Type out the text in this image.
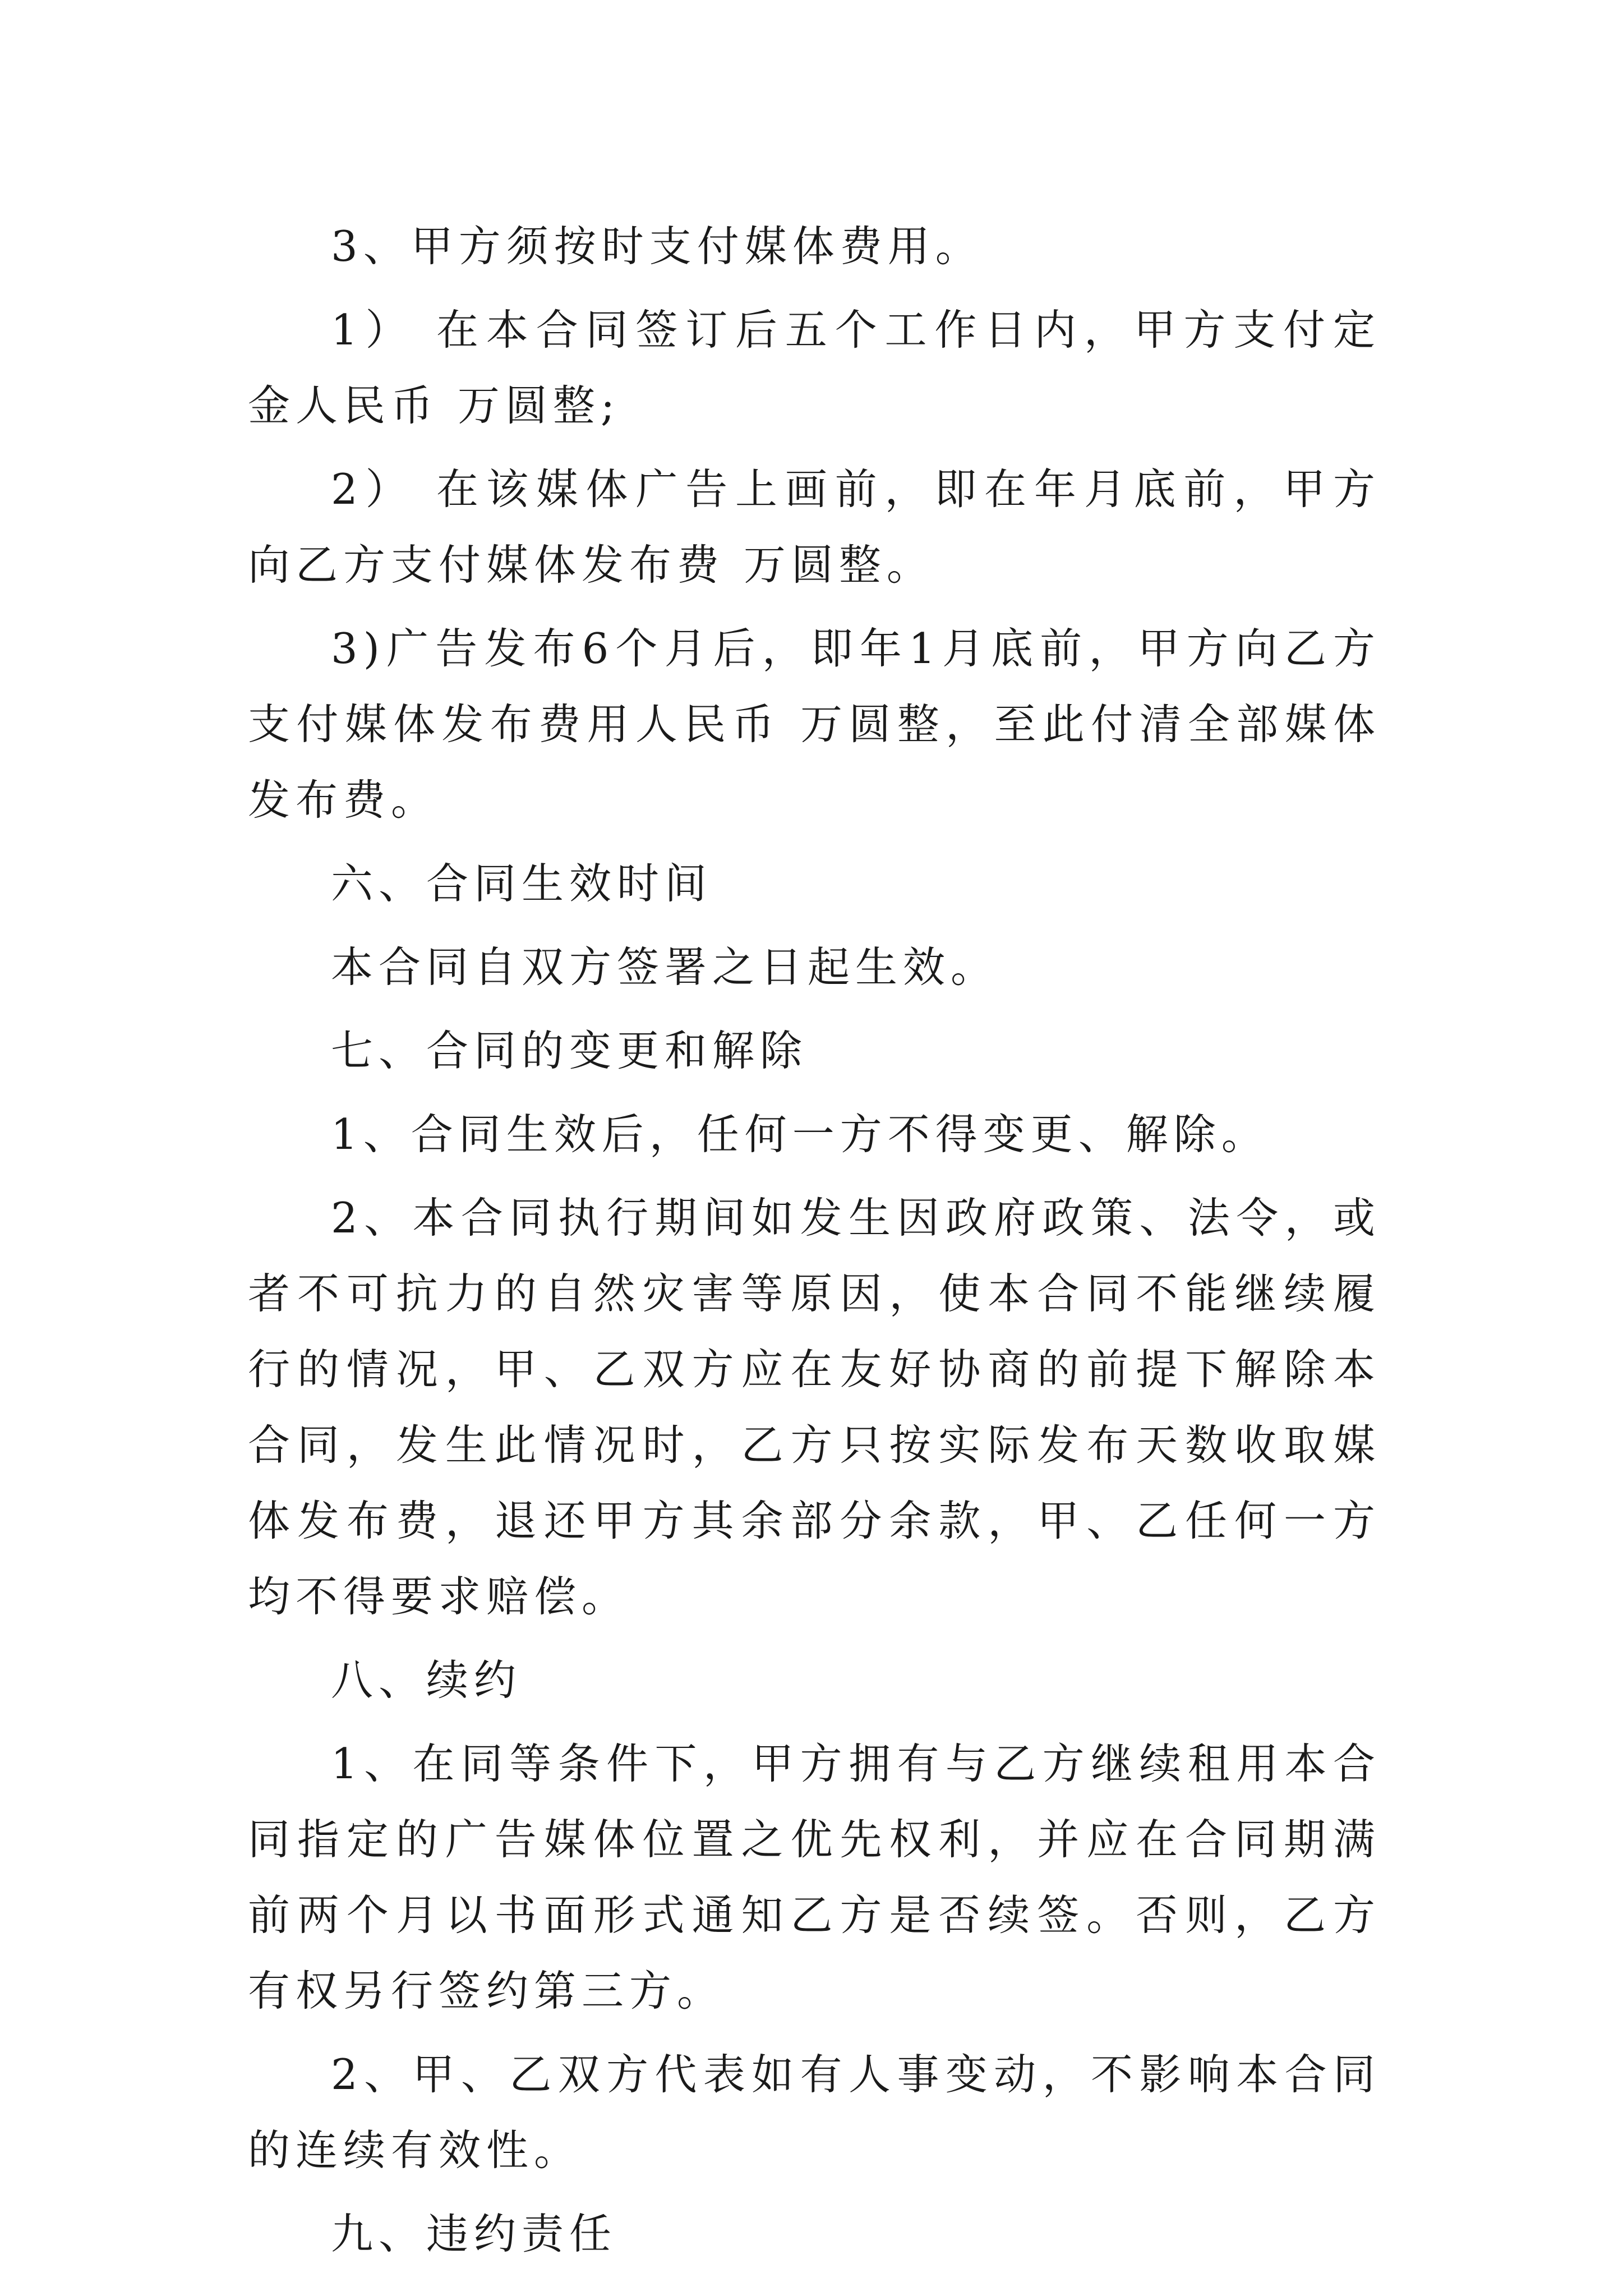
3、甲方须按时支付媒体费用。

1） 在本合同签订后五个工作日内，甲方支付定金人民币 万圆整;

2） 在该媒体广告上画前，即在年月底前，甲方向乙方支付媒体发布费 万圆整。

3)广告发布6个月后，即年1月底前，甲方向乙方支付媒体发布费用人民币 万圆整，至此付清全部媒体发布费。

六、合同生效时间

本合同自双方签署之日起生效。

七、合同的变更和解除

1、合同生效后，任何一方不得变更、解除。

2、本合同执行期间如发生因政府政策、法令，或者不可抗力的自然灾害等原因，使本合同不能继续履行的情况，甲、乙双方应在友好协商的前提下解除本合同，发生此情况时，乙方只按实际发布天数收取媒体发布费，退还甲方其余部分余款，甲、乙任何一方均不得要求赔偿。

八、续约

1、在同等条件下，甲方拥有与乙方继续租用本合同指定的广告媒体位置之优先权利，并应在合同期满前两个月以书面形式通知乙方是否续签。否则，乙方有权另行签约第三方。

2、甲、乙双方代表如有人事变动，不影响本合同的连续有效性。

九、违约责任
